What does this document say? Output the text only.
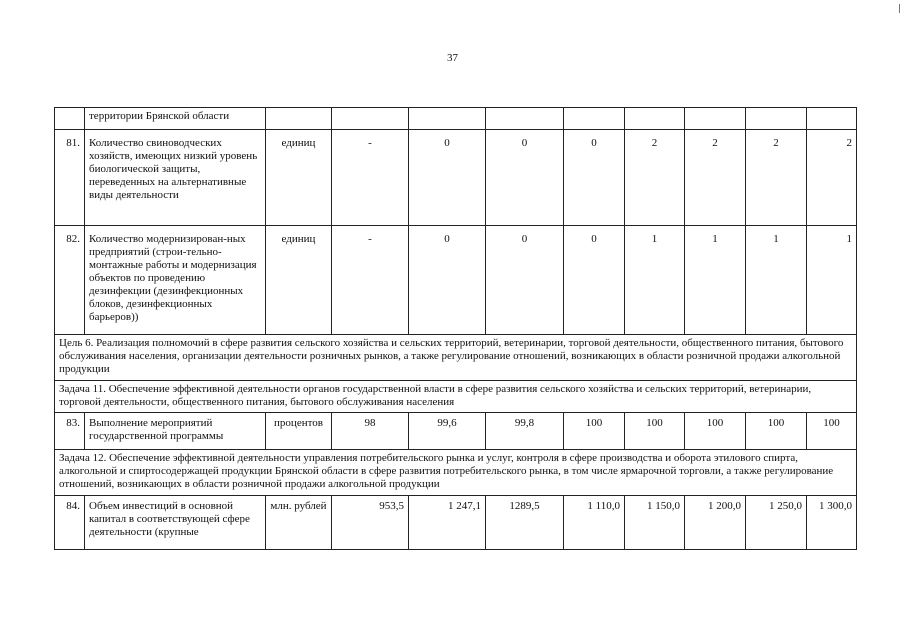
37
	территории Брянской области									
81.	Количество свиноводческих хозяйств, имеющих низкий уровень биологической защиты, переведенных на альтернативные виды деятельности	единиц	-	0	0	0	2	2	2	2
82.	Количество модернизирован-ных предприятий (строи-тельно-монтажные работы и модернизация объектов по проведению дезинфекции (дезинфекционных блоков, дезинфекционных барьеров))	единиц	-	0	0	0	1	1	1	1
Цель 6. Реализация полномочий в сфере развития сельского хозяйства и сельских территорий, ветеринарии, торговой деятельности, общественного питания, бытового обслуживания населения, организации деятельности розничных рынков, а также регулирование отношений, возникающих в области розничной продажи алкогольной продукции										
Задача 11. Обеспечение эффективной деятельности органов государственной власти в сфере развития сельского хозяйства и сельских территорий, ветеринарии, торговой деятельности, общественного питания, бытового обслуживания населения										
83.	Выполнение мероприятий государственной программы	процентов	98	99,6	99,8	100	100	100	100	100
Задача 12. Обеспечение эффективной деятельности управления потребительского рынка и услуг, контроля в сфере производства и оборота этилового спирта, алкогольной и спиртосодержащей продукции Брянской области в сфере развития потребительского рынка, в том числе ярмарочной торговли, а также регулирование отношений, возникающих в области розничной продажи алкогольной продукции										
84.	Объем инвестиций в основной капитал в соответствующей сфере деятельности (крупные	млн. рублей	953,5	1 247,1	1289,5	1 110,0	1 150,0	1 200,0	1 250,0	1 300,0
